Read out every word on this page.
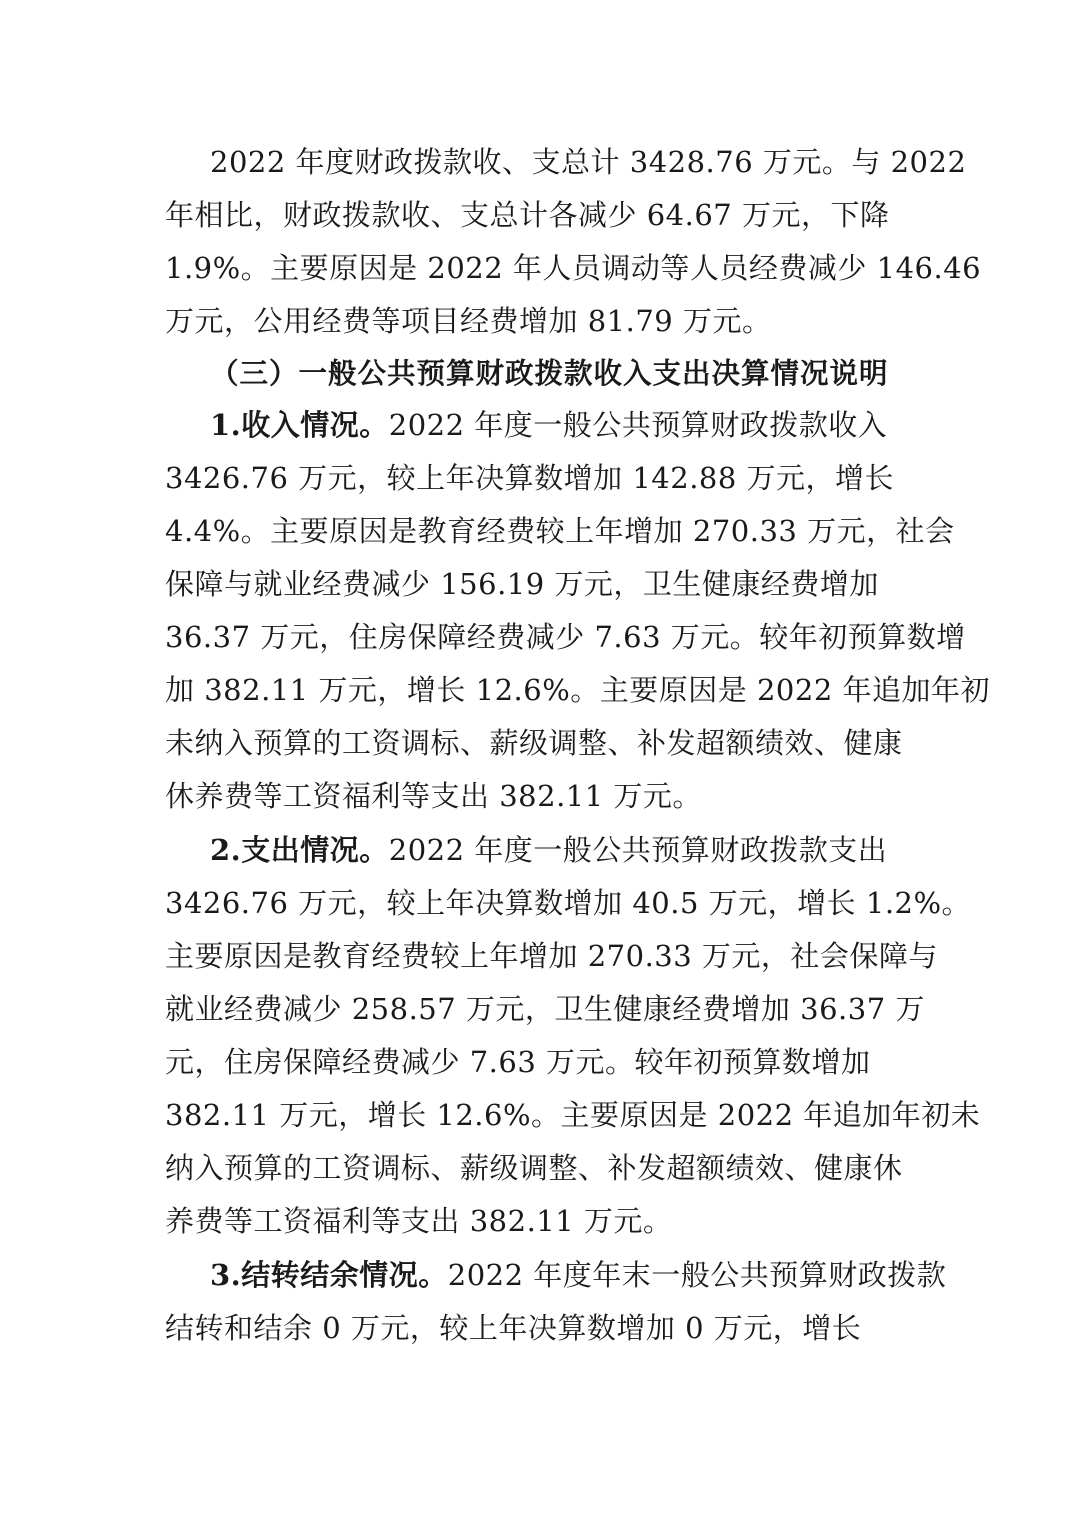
2022 年度财政拨款收、支总计 3428.76 万元。与 2022
年相比，财政拨款收、支总计各减少 64.67 万元，下降
1.9%。主要原因是 2022 年人员调动等人员经费减少 146.46
万元，公用经费等项目经费增加 81.79 万元。
（三）一般公共预算财政拨款收入支出决算情况说明
1.收入情况。2022 年度一般公共预算财政拨款收入
3426.76 万元，较上年决算数增加 142.88 万元，增长
4.4%。主要原因是教育经费较上年增加 270.33 万元，社会
保障与就业经费减少 156.19 万元，卫生健康经费增加
36.37 万元，住房保障经费减少 7.63 万元。较年初预算数增
加 382.11 万元，增长 12.6%。主要原因是 2022 年追加年初
未纳入预算的工资调标、薪级调整、补发超额绩效、健康
休养费等工资福利等支出 382.11 万元。
2.支出情况。2022 年度一般公共预算财政拨款支出
3426.76 万元，较上年决算数增加 40.5 万元，增长 1.2%。
主要原因是教育经费较上年增加 270.33 万元，社会保障与
就业经费减少 258.57 万元，卫生健康经费增加 36.37 万
元，住房保障经费减少 7.63 万元。较年初预算数增加
382.11 万元，增长 12.6%。主要原因是 2022 年追加年初未
纳入预算的工资调标、薪级调整、补发超额绩效、健康休
养费等工资福利等支出 382.11 万元。
3.结转结余情况。2022 年度年末一般公共预算财政拨款
结转和结余 0 万元，较上年决算数增加 0 万元，增长
